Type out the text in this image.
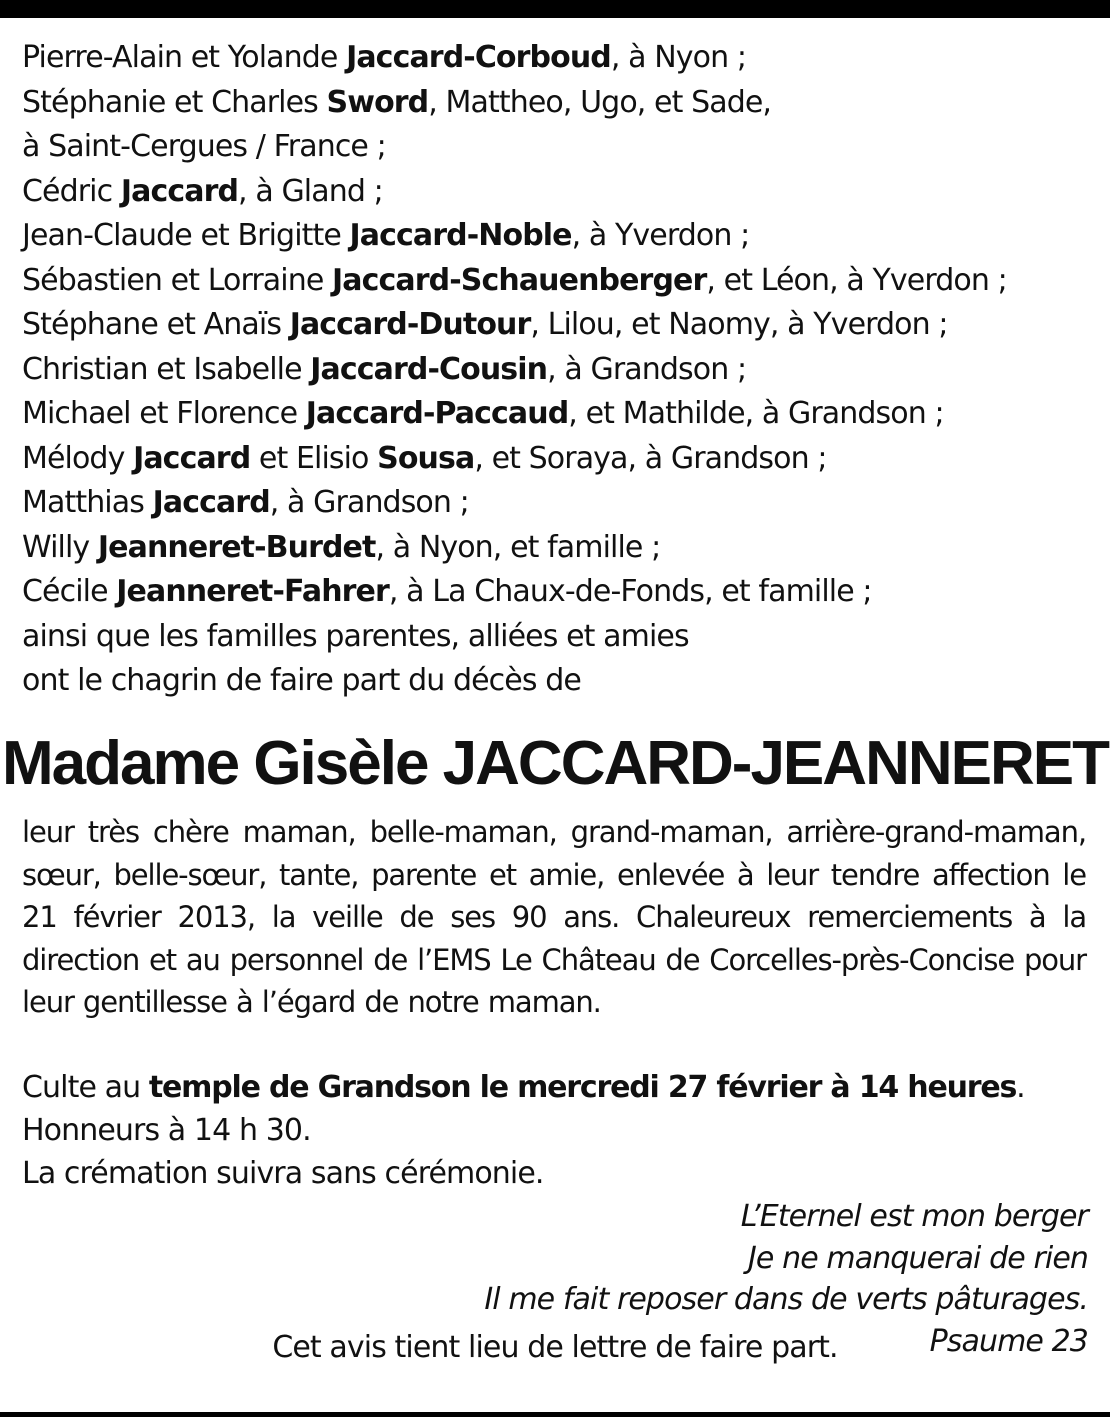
Pierre-Alain et Yolande Jaccard-Corboud, à Nyon ;
Stéphanie et Charles Sword, Mattheo, Ugo, et Sade,
à Saint-Cergues / France ;
Cédric Jaccard, à Gland ;
Jean-Claude et Brigitte Jaccard-Noble, à Yverdon ;
Sébastien et Lorraine Jaccard-Schauenberger, et Léon, à Yverdon ;
Stéphane et Anaïs Jaccard-Dutour, Lilou, et Naomy, à Yverdon ;
Christian et Isabelle Jaccard-Cousin, à Grandson ;
Michael et Florence Jaccard-Paccaud, et Mathilde, à Grandson ;
Mélody Jaccard et Elisio Sousa, et Soraya, à Grandson ;
Matthias Jaccard, à Grandson ;
Willy Jeanneret-Burdet, à Nyon, et famille ;
Cécile Jeanneret-Fahrer, à La Chaux-de-Fonds, et famille ;
ainsi que les familles parentes, alliées et amies
ont le chagrin de faire part du décès de
Madame Gisèle JACCARD-JEANNERET
leur très chère maman, belle-maman, grand-maman, arrière-grand-maman, sœur, belle-sœur, tante, parente et amie, enlevée à leur tendre affection le 21 février 2013, la veille de ses 90 ans. Chaleureux remerciements à la direction et au personnel de l’EMS Le Château de Corcelles-près-Concise pour leur gentillesse à l’égard de notre maman.
Culte au temple de Grandson le mercredi 27 février à 14 heures.
Honneurs à 14 h 30.
La crémation suivra sans cérémonie.
L’Eternel est mon berger
Je ne manquerai de rien
Il me fait reposer dans de verts pâturages.
Psaume 23
Cet avis tient lieu de lettre de faire part.
